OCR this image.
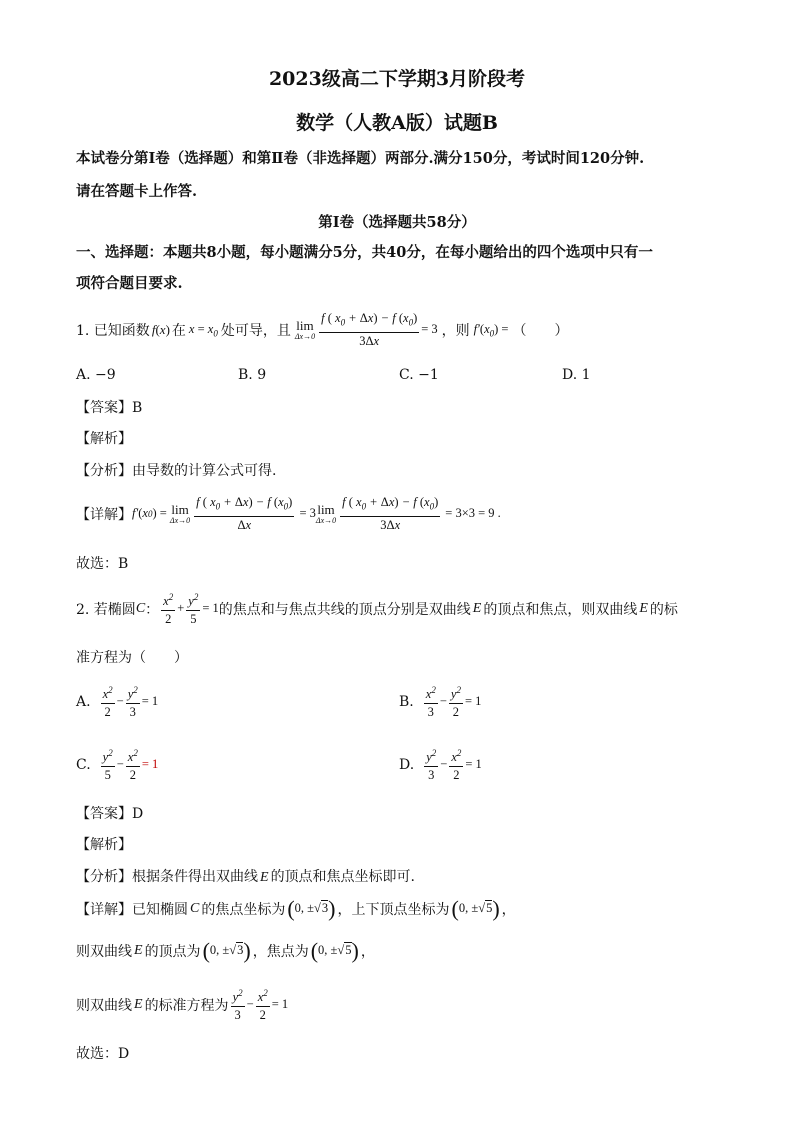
2023级高二下学期3月阶段考
数学（人教A版）试题B
本试卷分第Ⅰ卷（选择题）和第Ⅱ卷（非选择题）两部分.满分150分，考试时间120分钟.
请在答题卡上作答.
第Ⅰ卷（选择题共58分）
一、选择题：本题共8小题，每小题满分5分，共40分，在每小题给出的四个选项中只有一
项符合题目要求.
1. 已知函数 f(x) 在 $x = x_0$ 处可导，且 lim
$\Delta x\to 0 \frac{f ( x_0 + \Delta x) - f (x_0)}{3\Delta x} = 3$ ，则 $f'(x_0)$ = （　　）
A. −9	B. 9	C. −1	D. 1
【答案】B
【解析】
【分析】由导数的计算公式可得.
【详解】 f′ ( x 0 ) = lim
$\Delta x\to 0 \frac{f ( x_0 + \Delta x) - f (x_0)}{\Delta x} = 3$ lim
$\Delta x\to 0 \frac{f ( x_0 + \Delta x) - f (x_0)}{3\Delta x} = 3\times 3 = 9$ .
故选：B
2. 若椭圆 C ： $\frac{x^2}{2} + \frac{y^2}{5} = 1$ 的焦点和与焦点共线的顶点分别是双曲线 E 的顶点和焦点，则双曲线 E 的标
准方程为（　　）
A. $\frac{x^2}{2} - \frac{y^2}{3} = 1$	B. $\frac{x^2}{3} - \frac{y^2}{2} = 1$
C. $\frac{y^2}{5} - \frac{x^2}{2} = 1$	D. $\frac{y^2}{3} - \frac{x^2}{2} = 1$
【答案】D
【解析】
【分析】根据条件得出双曲线 E 的顶点和焦点坐标即可.
【详解】已知椭圆 C 的焦点坐标为 (0, ±√3) ，上下顶点坐标为 (0, ±√5) ，
则双曲线 E 的顶点为 (0, ±√3) ，焦点为 (0, ±√5) ，
则双曲线 E 的标准方程为 $\frac{y^2}{3} - \frac{x^2}{2} = 1$
故选：D
